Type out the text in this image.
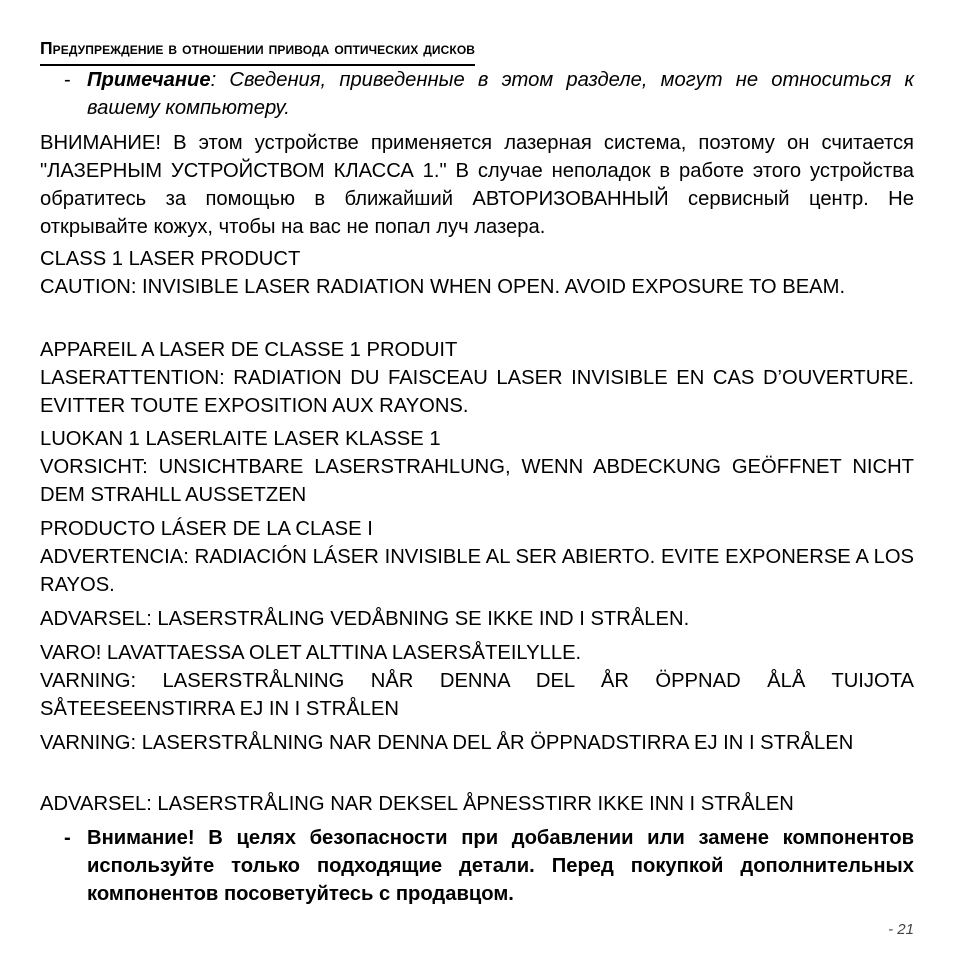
Предупреждение в отношении привода оптических дисков
- Примечание: Сведения, приведенные в этом разделе, могут не относиться к вашему компьютеру.

ВНИМАНИЕ! В этом устройстве применяется лазерная система, поэтому он считается "ЛАЗЕРНЫМ УСТРОЙСТВОМ КЛАССА 1." В случае неполадок в работе этого устройства обратитесь за помощью в ближайший АВТОРИЗОВАННЫЙ сервисный центр. Не открывайте кожух, чтобы на вас не попал луч лазера.

CLASS 1 LASER PRODUCT

CAUTION: INVISIBLE LASER RADIATION WHEN OPEN. AVOID EXPOSURE TO BEAM.

APPAREIL A LASER DE CLASSE 1 PRODUIT

LASERATTENTION: RADIATION DU FAISCEAU LASER INVISIBLE EN CAS D’OUVERTURE. EVITTER TOUTE EXPOSITION AUX RAYONS.

LUOKAN 1 LASERLAITE LASER KLASSE 1

VORSICHT: UNSICHTBARE LASERSTRAHLUNG, WENN ABDECKUNG GEÖFFNET NICHT DEM STRAHLL AUSSETZEN

PRODUCTO LÁSER DE LA CLASE I

ADVERTENCIA: RADIACIÓN LÁSER INVISIBLE AL SER ABIERTO. EVITE EXPONERSE A LOS RAYOS.

ADVARSEL: LASERSTRÅLING VEDÅBNING SE IKKE IND I STRÅLEN.

VARO! LAVATTAESSA OLET ALTTINA LASERSÅTEILYLLE.

VARNING: LASERSTRÅLNING NÅR DENNA DEL ÅR ÖPPNAD ÅLÅ TUIJOTA SÅTEESEENSTIRRA EJ IN I STRÅLEN

VARNING: LASERSTRÅLNING NAR DENNA DEL ÅR ÖPPNADSTIRRA EJ IN I STRÅLEN

ADVARSEL: LASERSTRÅLING NAR DEKSEL ÅPNESSTIRR IKKE INN I STRÅLEN

- Внимание! В целях безопасности при добавлении или замене компонентов используйте только подходящие детали. Перед покупкой дополнительных компонентов посоветуйтесь с продавцом.
- 21
